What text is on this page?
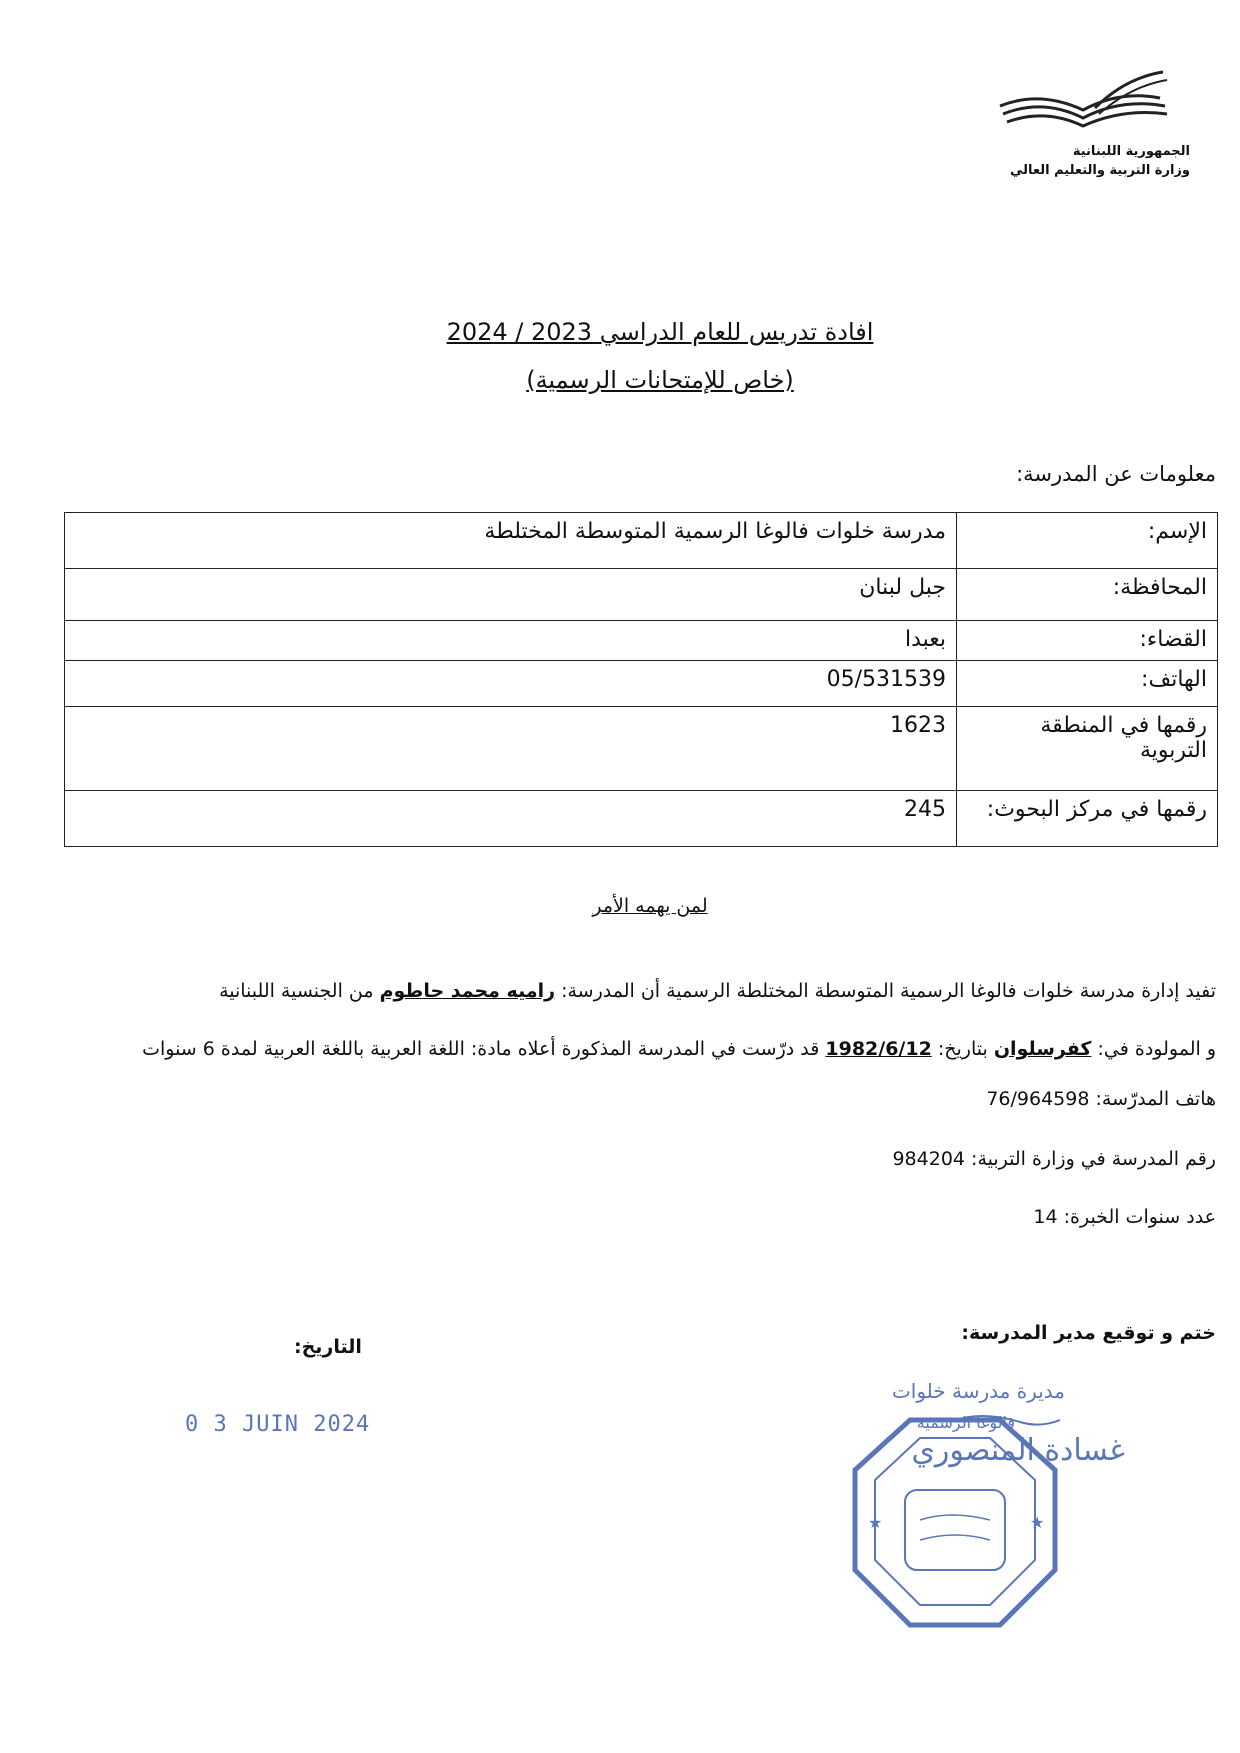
الجمهورية اللبنانية
وزارة التربية والتعليم العالي
افادة تدريس للعام الدراسي 2023 / 2024
(خاص للإمتحانات الرسمية)
معلومات عن المدرسة:
الإسم:	مدرسة خلوات فالوغا الرسمية المتوسطة المختلطة
المحافظة:	جبل لبنان
القضاء:	بعبدا
الهاتف:	05/531539
رقمها في المنطقة التربوية	1623
رقمها في مركز البحوث:	245
لمن يهمه الأمر
تفيد إدارة مدرسة خلوات فالوغا الرسمية المتوسطة المختلطة الرسمية أن المدرسة: راميه محمد حاطوم من الجنسية اللبنانية
و المولودة في: كفرسلوان بتاريخ: 1982/6/12 قد درّست في المدرسة المذكورة أعلاه مادة: اللغة العربية باللغة العربية لمدة 6 سنوات
هاتف المدرّسة: 76/964598
رقم المدرسة في وزارة التربية: 984204
عدد سنوات الخبرة: 14
ختم و توقيع مدير المدرسة:
التاريخ:
0 3 JUIN 2024
مديرة مدرسة خلوات
فالوغا الرسمية
غسادة المنصوري
★	★
